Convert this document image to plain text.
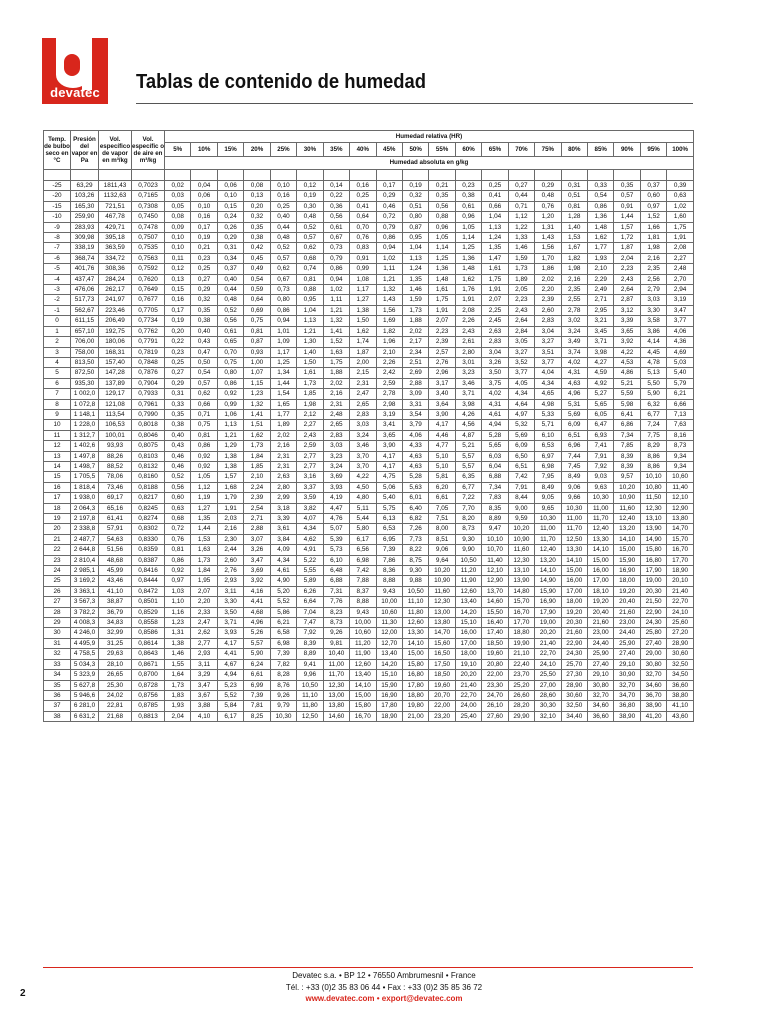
devatec	Tablas de contenido de humedad
Temp. de bulbo seco en °C	Presión del vapor en Pa	Vol. específico de vapor en m³/kg	Vol. específic o de aire en m³/kg	Humedad relativa (HR)																			
				5%	10%	15%	20%	25%	30%	35%	40%	45%	50%	55%	60%	65%	70%	75%	80%	85%	90%	95%	100%
				Humedad absoluta en g/kg																			

-25	63,29	1811,43	0,7023	0,02	0,04	0,06	0,08	0,10	0,12	0,14	0,16	0,17	0,19	0,21	0,23	0,25	0,27	0,29	0,31	0,33	0,35	0,37	0,39
-20	103,26	1132,63	0,7165	0,03	0,06	0,10	0,13	0,16	0,19	0,22	0,25	0,29	0,32	0,35	0,38	0,41	0,44	0,48	0,51	0,54	0,57	0,60	0,63
-15	165,30	721,51	0,7308	0,05	0,10	0,15	0,20	0,25	0,30	0,36	0,41	0,46	0,51	0,56	0,61	0,66	0,71	0,76	0,81	0,86	0,91	0,97	1,02
-10	259,90	467,78	0,7450	0,08	0,16	0,24	0,32	0,40	0,48	0,56	0,64	0,72	0,80	0,88	0,96	1,04	1,12	1,20	1,28	1,36	1,44	1,52	1,60
-9	283,93	429,71	0,7478	0,09	0,17	0,26	0,35	0,44	0,52	0,61	0,70	0,79	0,87	0,96	1,05	1,13	1,22	1,31	1,40	1,48	1,57	1,66	1,75
-8	309,98	395,18	0,7507	0,10	0,19	0,29	0,38	0,48	0,57	0,67	0,76	0,86	0,95	1,05	1,14	1,24	1,33	1,43	1,53	1,62	1,72	1,81	1,91
-7	338,19	363,59	0,7535	0,10	0,21	0,31	0,42	0,52	0,62	0,73	0,83	0,94	1,04	1,14	1,25	1,35	1,46	1,56	1,67	1,77	1,87	1,98	2,08
-6	368,74	334,72	0,7563	0,11	0,23	0,34	0,45	0,57	0,68	0,79	0,91	1,02	1,13	1,25	1,36	1,47	1,59	1,70	1,82	1,93	2,04	2,16	2,27
-5	401,76	308,36	0,7592	0,12	0,25	0,37	0,49	0,62	0,74	0,86	0,99	1,11	1,24	1,36	1,48	1,61	1,73	1,86	1,98	2,10	2,23	2,35	2,48
-4	437,47	284,24	0,7620	0,13	0,27	0,40	0,54	0,67	0,81	0,94	1,08	1,21	1,35	1,48	1,62	1,75	1,89	2,02	2,16	2,29	2,43	2,56	2,70
-3	476,06	262,17	0,7649	0,15	0,29	0,44	0,59	0,73	0,88	1,02	1,17	1,32	1,46	1,61	1,76	1,91	2,05	2,20	2,35	2,49	2,64	2,79	2,94
-2	517,73	241,97	0,7677	0,16	0,32	0,48	0,64	0,80	0,95	1,11	1,27	1,43	1,59	1,75	1,91	2,07	2,23	2,39	2,55	2,71	2,87	3,03	3,19
-1	562,67	223,46	0,7705	0,17	0,35	0,52	0,69	0,86	1,04	1,21	1,38	1,56	1,73	1,91	2,08	2,25	2,43	2,60	2,78	2,95	3,12	3,30	3,47
0	611,15	206,49	0,7734	0,19	0,38	0,56	0,75	0,94	1,13	1,32	1,50	1,69	1,88	2,07	2,26	2,45	2,64	2,83	3,02	3,21	3,39	3,58	3,77
1	657,10	192,75	0,7762	0,20	0,40	0,61	0,81	1,01	1,21	1,41	1,62	1,82	2,02	2,23	2,43	2,63	2,84	3,04	3,24	3,45	3,65	3,86	4,06
2	706,00	180,06	0,7791	0,22	0,43	0,65	0,87	1,09	1,30	1,52	1,74	1,96	2,17	2,39	2,61	2,83	3,05	3,27	3,49	3,71	3,92	4,14	4,36
3	758,00	168,31	0,7819	0,23	0,47	0,70	0,93	1,17	1,40	1,63	1,87	2,10	2,34	2,57	2,80	3,04	3,27	3,51	3,74	3,98	4,22	4,45	4,69
4	813,50	157,40	0,7848	0,25	0,50	0,75	1,00	1,25	1,50	1,75	2,00	2,26	2,51	2,76	3,01	3,26	3,52	3,77	4,02	4,27	4,53	4,78	5,03
5	872,50	147,28	0,7876	0,27	0,54	0,80	1,07	1,34	1,61	1,88	2,15	2,42	2,69	2,96	3,23	3,50	3,77	4,04	4,31	4,59	4,86	5,13	5,40
6	935,30	137,89	0,7904	0,29	0,57	0,86	1,15	1,44	1,73	2,02	2,31	2,59	2,88	3,17	3,46	3,75	4,05	4,34	4,63	4,92	5,21	5,50	5,79
7	1 002,0	129,17	0,7933	0,31	0,62	0,92	1,23	1,54	1,85	2,16	2,47	2,78	3,09	3,40	3,71	4,02	4,34	4,65	4,96	5,27	5,59	5,90	6,21
8	1 072,8	121,08	0,7961	0,33	0,66	0,99	1,32	1,65	1,98	2,31	2,65	2,98	3,31	3,64	3,98	4,31	4,64	4,98	5,31	5,65	5,98	6,32	6,66
9	1 148,1	113,54	0,7990	0,35	0,71	1,06	1,41	1,77	2,12	2,48	2,83	3,19	3,54	3,90	4,26	4,61	4,97	5,33	5,69	6,05	6,41	6,77	7,13
10	1 228,0	106,53	0,8018	0,38	0,75	1,13	1,51	1,89	2,27	2,65	3,03	3,41	3,79	4,17	4,56	4,94	5,32	5,71	6,09	6,47	6,86	7,24	7,63
11	1 312,7	100,01	0,8046	0,40	0,81	1,21	1,62	2,02	2,43	2,83	3,24	3,65	4,06	4,46	4,87	5,28	5,69	6,10	6,51	6,93	7,34	7,75	8,16
12	1 402,6	93,93	0,8075	0,43	0,86	1,29	1,73	2,16	2,59	3,03	3,46	3,90	4,33	4,77	5,21	5,65	6,09	6,53	6,96	7,41	7,85	8,29	8,73
13	1 497,8	88,26	0,8103	0,46	0,92	1,38	1,84	2,31	2,77	3,23	3,70	4,17	4,63	5,10	5,57	6,03	6,50	6,97	7,44	7,91	8,39	8,86	9,34
14	1 498,7	88,52	0,8132	0,46	0,92	1,38	1,85	2,31	2,77	3,24	3,70	4,17	4,63	5,10	5,57	6,04	6,51	6,98	7,45	7,92	8,39	8,86	9,34
15	1 705,5	78,06	0,8160	0,52	1,05	1,57	2,10	2,63	3,16	3,69	4,22	4,75	5,28	5,81	6,35	6,88	7,42	7,95	8,49	9,03	9,57	10,10	10,60
16	1 818,4	73,46	0,8188	0,56	1,12	1,68	2,24	2,80	3,37	3,93	4,50	5,06	5,63	6,20	6,77	7,34	7,91	8,49	9,06	9,63	10,20	10,80	11,40
17	1 938,0	69,17	0,8217	0,60	1,19	1,79	2,39	2,99	3,59	4,19	4,80	5,40	6,01	6,61	7,22	7,83	8,44	9,05	9,66	10,30	10,90	11,50	12,10
18	2 064,3	65,16	0,8245	0,63	1,27	1,91	2,54	3,18	3,82	4,47	5,11	5,75	6,40	7,05	7,70	8,35	9,00	9,65	10,30	11,00	11,60	12,30	12,90
19	2 197,8	61,41	0,8274	0,68	1,35	2,03	2,71	3,39	4,07	4,76	5,44	6,13	6,82	7,51	8,20	8,89	9,59	10,30	11,00	11,70	12,40	13,10	13,80
20	2 338,8	57,91	0,8302	0,72	1,44	2,16	2,88	3,61	4,34	5,07	5,80	6,53	7,26	8,00	8,73	9,47	10,20	11,00	11,70	12,40	13,20	13,90	14,70
21	2 487,7	54,63	0,8330	0,76	1,53	2,30	3,07	3,84	4,62	5,39	6,17	6,95	7,73	8,51	9,30	10,10	10,90	11,70	12,50	13,30	14,10	14,90	15,70
22	2 644,8	51,56	0,8359	0,81	1,63	2,44	3,26	4,09	4,91	5,73	6,56	7,39	8,22	9,06	9,90	10,70	11,60	12,40	13,30	14,10	15,00	15,80	16,70
23	2 810,4	48,68	0,8387	0,86	1,73	2,60	3,47	4,34	5,22	6,10	6,98	7,86	8,75	9,64	10,50	11,40	12,30	13,20	14,10	15,00	15,90	16,80	17,70
24	2 985,1	45,99	0,8416	0,92	1,84	2,76	3,69	4,61	5,55	6,48	7,42	8,36	9,30	10,20	11,20	12,10	13,10	14,10	15,00	16,00	16,90	17,90	18,90
25	3 169,2	43,46	0,8444	0,97	1,95	2,93	3,92	4,90	5,89	6,88	7,88	8,88	9,88	10,90	11,90	12,90	13,90	14,90	16,00	17,00	18,00	19,00	20,10
26	3 363,1	41,10	0,8472	1,03	2,07	3,11	4,16	5,20	6,26	7,31	8,37	9,43	10,50	11,60	12,60	13,70	14,80	15,90	17,00	18,10	19,20	20,30	21,40
27	3 567,3	38,87	0,8501	1,10	2,20	3,30	4,41	5,52	6,64	7,76	8,88	10,00	11,10	12,30	13,40	14,60	15,70	16,90	18,00	19,20	20,40	21,50	22,70
28	3 782,2	36,79	0,8529	1,16	2,33	3,50	4,68	5,86	7,04	8,23	9,43	10,60	11,80	13,00	14,20	15,50	16,70	17,90	19,20	20,40	21,60	22,90	24,10
29	4 008,3	34,83	0,8558	1,23	2,47	3,71	4,96	6,21	7,47	8,73	10,00	11,30	12,60	13,80	15,10	16,40	17,70	19,00	20,30	21,60	23,00	24,30	25,60
30	4 246,0	32,99	0,8586	1,31	2,62	3,93	5,26	6,58	7,92	9,26	10,60	12,00	13,30	14,70	16,00	17,40	18,80	20,20	21,60	23,00	24,40	25,80	27,20
31	4 495,9	31,25	0,8614	1,38	2,77	4,17	5,57	6,98	8,39	9,81	11,20	12,70	14,10	15,60	17,00	18,50	19,90	21,40	22,90	24,40	25,90	27,40	28,90
32	4 758,5	29,63	0,8643	1,46	2,93	4,41	5,90	7,39	8,89	10,40	11,90	13,40	15,00	16,50	18,00	19,60	21,10	22,70	24,30	25,90	27,40	29,00	30,60
33	5 034,3	28,10	0,8671	1,55	3,11	4,67	6,24	7,82	9,41	11,00	12,60	14,20	15,80	17,50	19,10	20,80	22,40	24,10	25,70	27,40	29,10	30,80	32,50
34	5 323,9	26,65	0,8700	1,64	3,29	4,94	6,61	8,28	9,96	11,70	13,40	15,10	16,80	18,50	20,20	22,00	23,70	25,50	27,30	29,10	30,90	32,70	34,50
35	5 627,8	25,30	0,8728	1,73	3,47	5,23	6,99	8,76	10,50	12,30	14,10	15,90	17,80	19,60	21,40	23,30	25,20	27,00	28,90	30,80	32,70	34,60	36,60
36	5 946,6	24,02	0,8756	1,83	3,67	5,52	7,39	9,26	11,10	13,00	15,00	16,90	18,80	20,70	22,70	24,70	26,60	28,60	30,60	32,70	34,70	36,70	38,80
37	6 281,0	22,81	0,8785	1,93	3,88	5,84	7,81	9,79	11,80	13,80	15,80	17,80	19,80	22,00	24,00	26,10	28,20	30,30	32,50	34,60	36,80	38,90	41,10
38	6 631,2	21,68	0,8813	2,04	4,10	6,17	8,25	10,30	12,50	14,60	16,70	18,90	21,00	23,20	25,40	27,60	29,90	32,10	34,40	36,60	38,90	41,20	43,60
Devatec s.a. • BP 12 • 76550 Ambrumesnil • France
Tél. : +33 (0)2 35 83 06 44 • Fax : +33 (0)2 35 85 36 72
www.devatec.com • export@devatec.com
2
